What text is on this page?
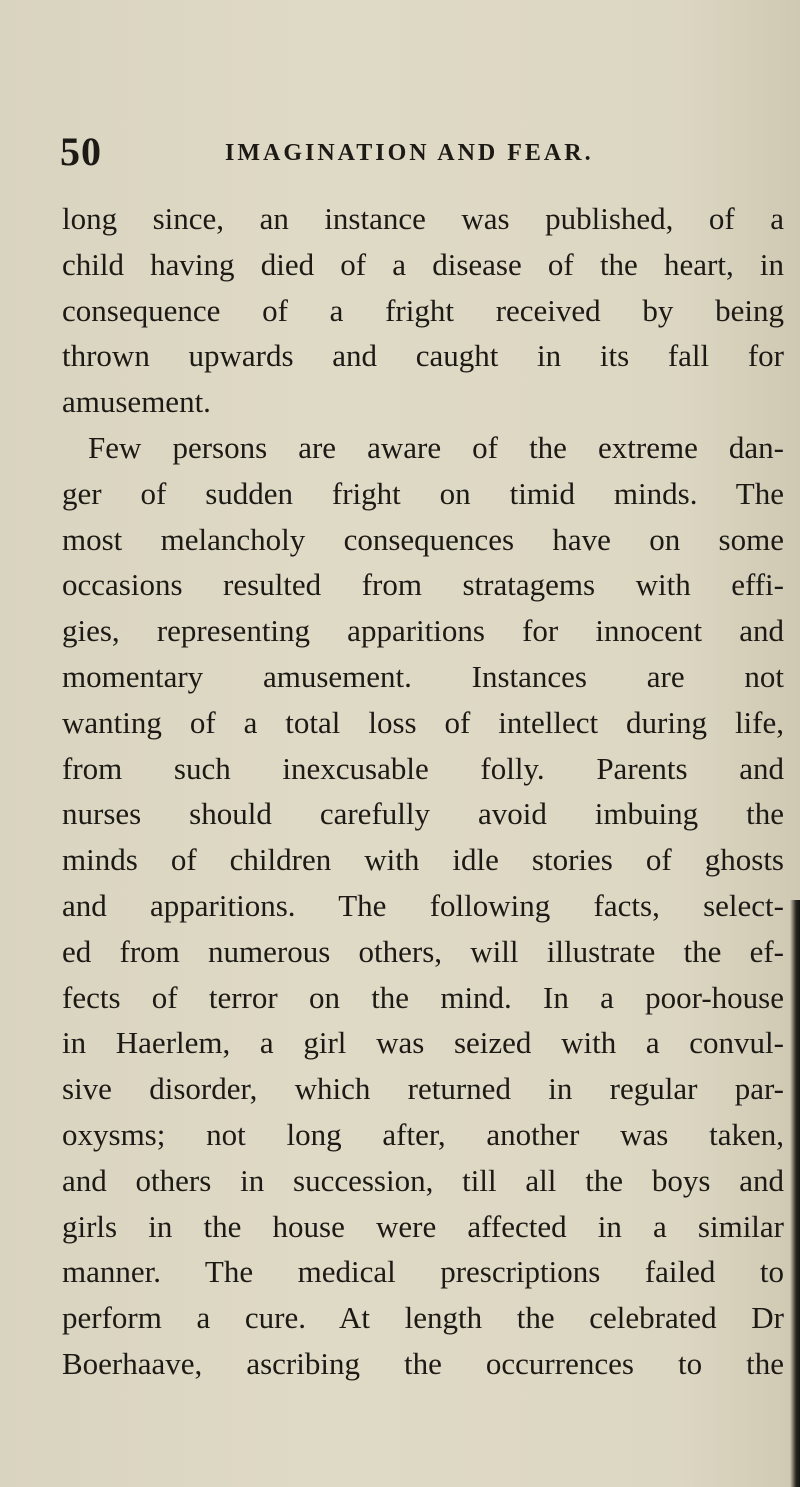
50	IMAGINATION AND FEAR.
long since, an instance was published, of a
child having died of a disease of the heart, in
consequence of a fright received by being
thrown upwards and caught in its fall for
amusement.
Few persons are aware of the extreme dan-
ger of sudden fright on timid minds. The
most melancholy consequences have on some
occasions resulted from stratagems with effi-
gies, representing apparitions for innocent and
momentary amusement. Instances are not
wanting of a total loss of intellect during life,
from such inexcusable folly. Parents and
nurses should carefully avoid imbuing the
minds of children with idle stories of ghosts
and apparitions. The following facts, select-
ed from numerous others, will illustrate the ef-
fects of terror on the mind. In a poor-house
in Haerlem, a girl was seized with a convul-
sive disorder, which returned in regular par-
oxysms; not long after, another was taken,
and others in succession, till all the boys and
girls in the house were affected in a similar
manner. The medical prescriptions failed to
perform a cure. At length the celebrated Dr
Boerhaave, ascribing the occurrences to the
